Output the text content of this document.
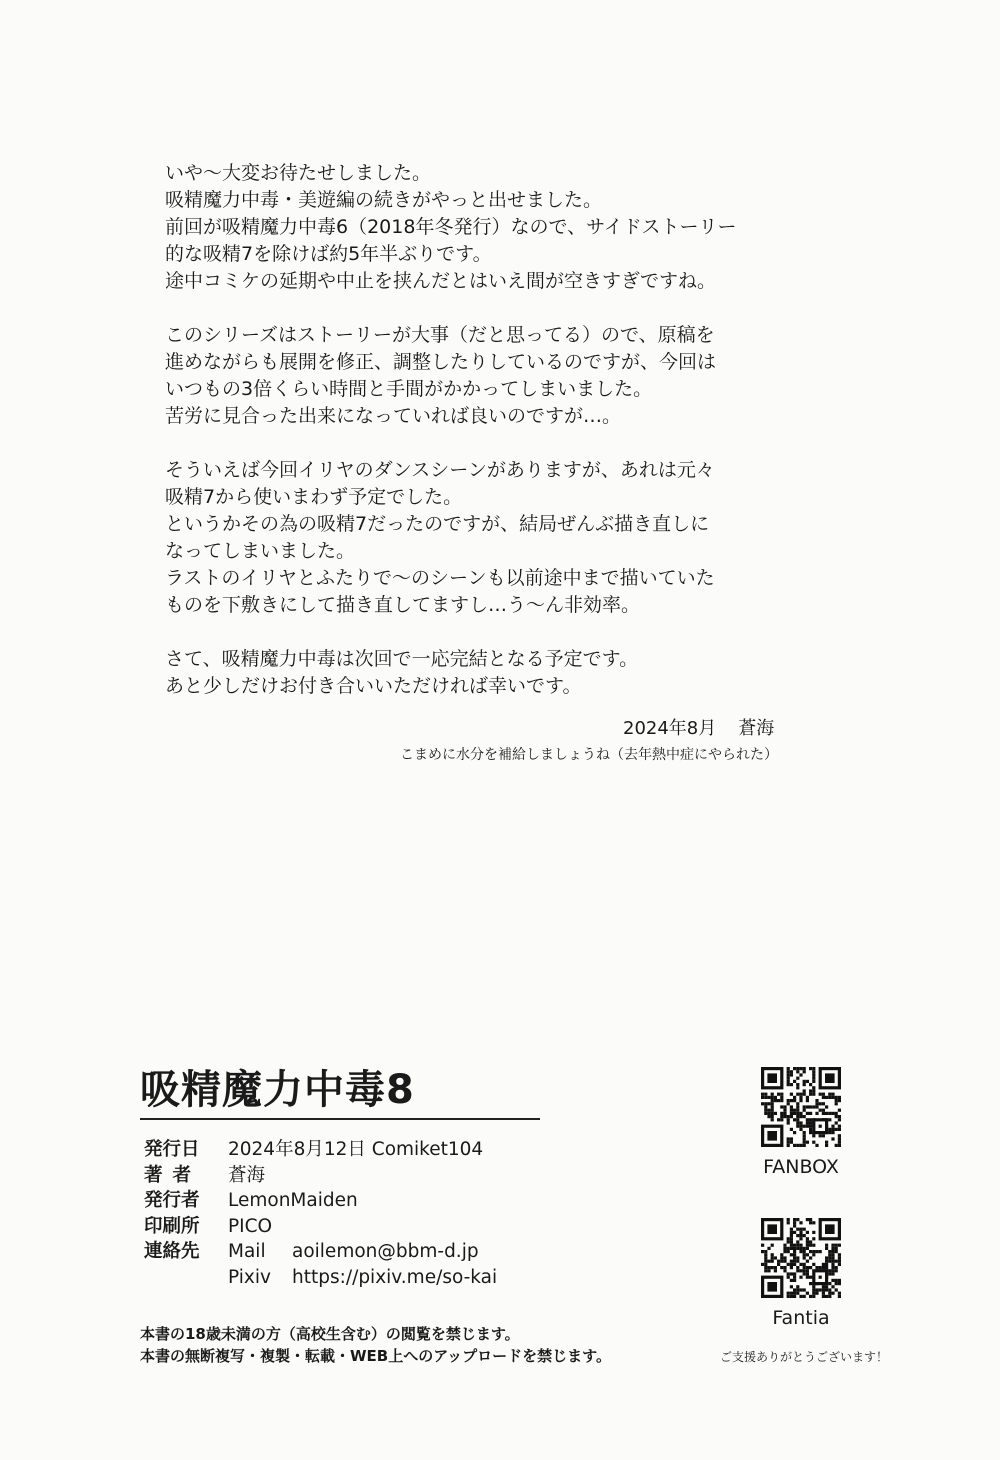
いや～大変お待たせしました。
吸精魔力中毒・美遊編の続きがやっと出せました。
前回が吸精魔力中毒6（2018年冬発行）なので、サイドストーリー
的な吸精7を除けば約5年半ぶりです。
途中コミケの延期や中止を挟んだとはいえ間が空きすぎですね。
このシリーズはストーリーが大事（だと思ってる）ので、原稿を
進めながらも展開を修正、調整したりしているのですが、今回は
いつもの3倍くらい時間と手間がかかってしまいました。
苦労に見合った出来になっていれば良いのですが…。
そういえば今回イリヤのダンスシーンがありますが、あれは元々
吸精7から使いまわず予定でした。
というかその為の吸精7だったのですが、結局ぜんぶ描き直しに
なってしまいました。
ラストのイリヤとふたりで～のシーンも以前途中まで描いていた
ものを下敷きにして描き直してますし…う～ん非効率。
さて、吸精魔力中毒は次回で一応完結となる予定です。
あと少しだけお付き合いいただければ幸いです。
2024年8月 蒼海
こまめに水分を補給しましょうね（去年熱中症にやられた）
吸精魔力中毒8
発行日 2024年8月12日 Comiket104
著者 蒼海
発行者 LemonMaiden
印刷所 PICO
連絡先 Mail aoilemon@bbm-d.jp
Pixiv https://pixiv.me/so-kai
本書の18歳未満の方（高校生含む）の閲覧を禁じます。
本書の無断複写・複製・転載・WEB上へのアップロードを禁じます。
FANBOX
Fantia
ご支援ありがとうございます！
